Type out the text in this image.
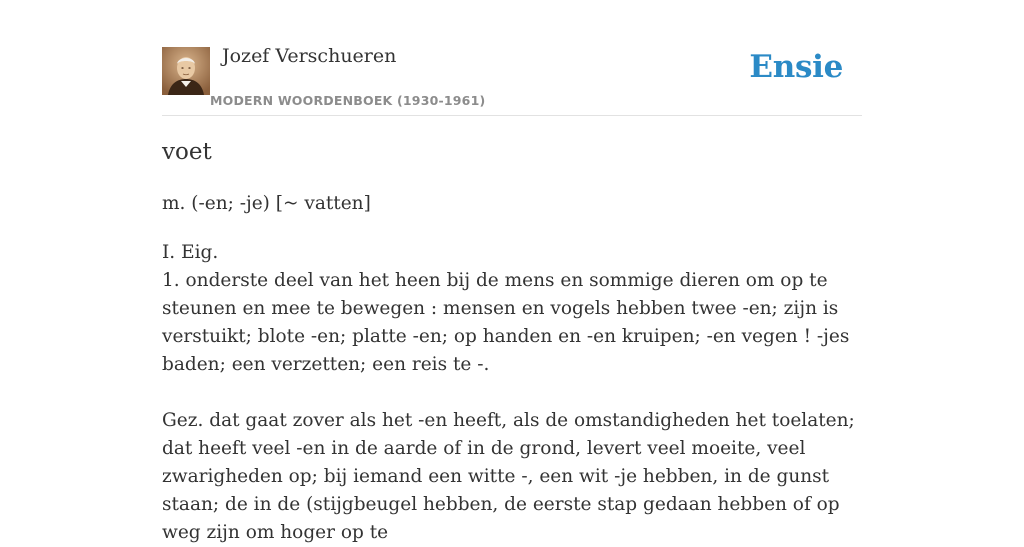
Jozef Verschueren
MODERN WOORDENBOEK (1930-1961)
Ensie
voet
m. (-en; -je) [~ vatten]

I. Eig.

1. onderste deel van het heen bij de mens en sommige dieren om op te steunen en mee te bewegen : mensen en vogels hebben twee -en; zijn is verstuikt; blote -en; platte -en; op handen en -en kruipen; -en vegen ! -jes baden; een verzetten; een reis te -.

Gez. dat gaat zover als het -en heeft, als de omstandigheden het toelaten; dat heeft veel -en in de aarde of in de grond, levert veel moeite, veel zwarigheden op; bij iemand een witte -, een wit -je hebben, in de gunst staan; de in de (stijgbeugel hebben, de eerste stap gedaan hebben of op weg zijn om hoger op te
